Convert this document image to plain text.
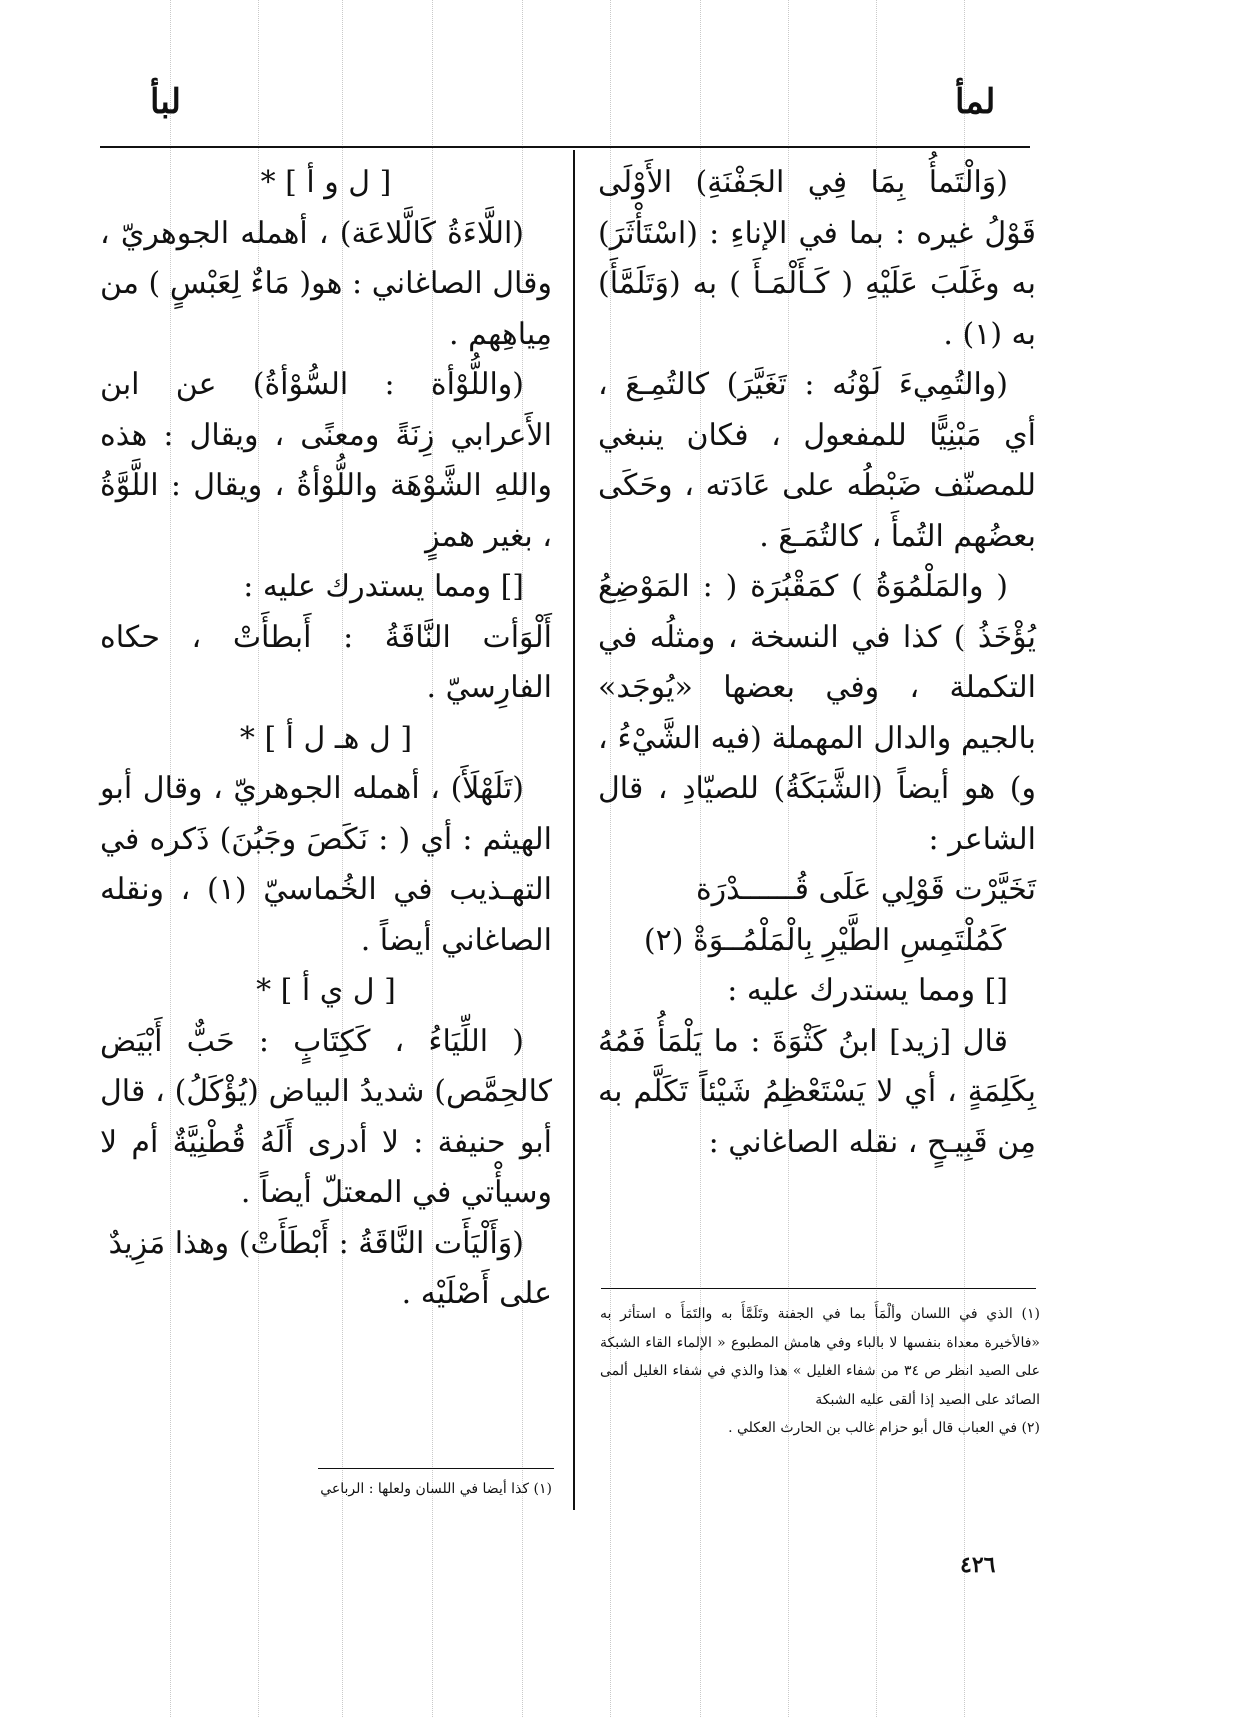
لمأ
لبأ

(وَالْتَمأُ بِمَا فِي الجَفْنَةِ) الأَوْلَى قَوْلُ غيره : بما في الإناءِ : (اسْتَأْثَرَ) به وغَلَبَ عَلَيْهِ ( كَـأَلْمَـأَ ) به (وَتَلَمَّأَ) به (١) .

(والتُمِيءَ لَوْنُه : تَغَيَّرَ) كالتُمِـعَ ، أي مَبْنِيًّا للمفعول ، فكان ينبغي للمصنّف ضَبْطُه على عَادَته ، وحَكَى بعضُهم التُمأَ ، كالتُمَـعَ .

( والمَلْمُوَةُ ) كمَقْبُرَة ( : المَوْضِعُ يُؤْخَذُ ) كذا في النسخة ، ومثلُه في التكملة ، وفي بعضها «يُوجَد» بالجيم والدال المهملة (فيه الشَّيْءُ ، و) هو أيضاً (الشَّبَكَةُ) للصيّادِ ، قال الشاعر :

تَخَيَّرْت قَوْلِي عَلَى قُــــــدْرَة

كَمُلْتَمِسِ الطَّيْرِ بِالْمَلْمُــوَةْ (٢)

[] ومما يستدرك عليه :

قال [زيد] ابنُ كَثْوَةَ : ما يَلْمَأُ فَمُهُ بِكَلِمَةٍ ، أي لا يَسْتَعْظِمُ شَيْئاً تَكَلَّم به مِن قَبِيـحٍ ، نقله الصاغاني :

[ ل و أ ] *

(اللَّاءَةُ كَالَّلاعَة) ، أهمله الجوهريّ ، وقال الصاغاني : هو( مَاءٌ لِعَبْسٍ ) من مِياهِهم .

(واللُّوْأة : السُّوْأةُ) عن ابن الأَعرابي زِنَةً ومعنًى ، ويقال : هذه واللهِ الشَّوْهَة واللُّوْأةُ ، ويقال : اللَّوَّةُ ، بغير همزٍ

[] ومما يستدرك عليه :

أَلْوَأت النَّاقَةُ : أَبطأَتْ ، حكاه الفارِسيّ .

[ ل هـ ل أ ] *

(تَلَهْلَأَ) ، أهمله الجوهريّ ، وقال أبو الهيثم : أي ( : نَكَصَ وجَبُنَ) ذَكره في التهـذيب في الخُماسيّ (١) ، ونقله الصاغاني أيضاً .

[ ل ي أ ] *

( اللِّيَاءُ ، كَكِتَابٍ : حَبٌّ أَبْيَض كالحِمَّص) شديدُ البياض (يُؤْكَلُ) ، قال أبو حنيفة : لا أدرى أَلَهُ قُطْنِيَّةٌ أم لا وسيأْتي في المعتلّ أيضاً .

(وَأَلْيَأَت النَّاقَةُ : أَبْطَأَتْ) وهذا مَزِيدٌ على أَصْلَيْه .

(١) الذي في اللسان وألْمَأَ بما في الجفنة وتَلَمَّأَ به والتَمَأَ ه استأثر به «فالأخيرة معداة بنفسها لا بالباء وفي هامش المطبوع « الإلماء القاء الشبكة على الصيد انظر ص ٣٤ من شفاء الغليل » هذا والذي في شفاء الغليل ألمى الصائد على الصيد إذا ألقى عليه الشبكة

(٢) في العباب قال أبو حزام غالب بن الحارث العكلي .

(١) كذا أيضا في اللسان ولعلها : الرباعي

٤٢٦
